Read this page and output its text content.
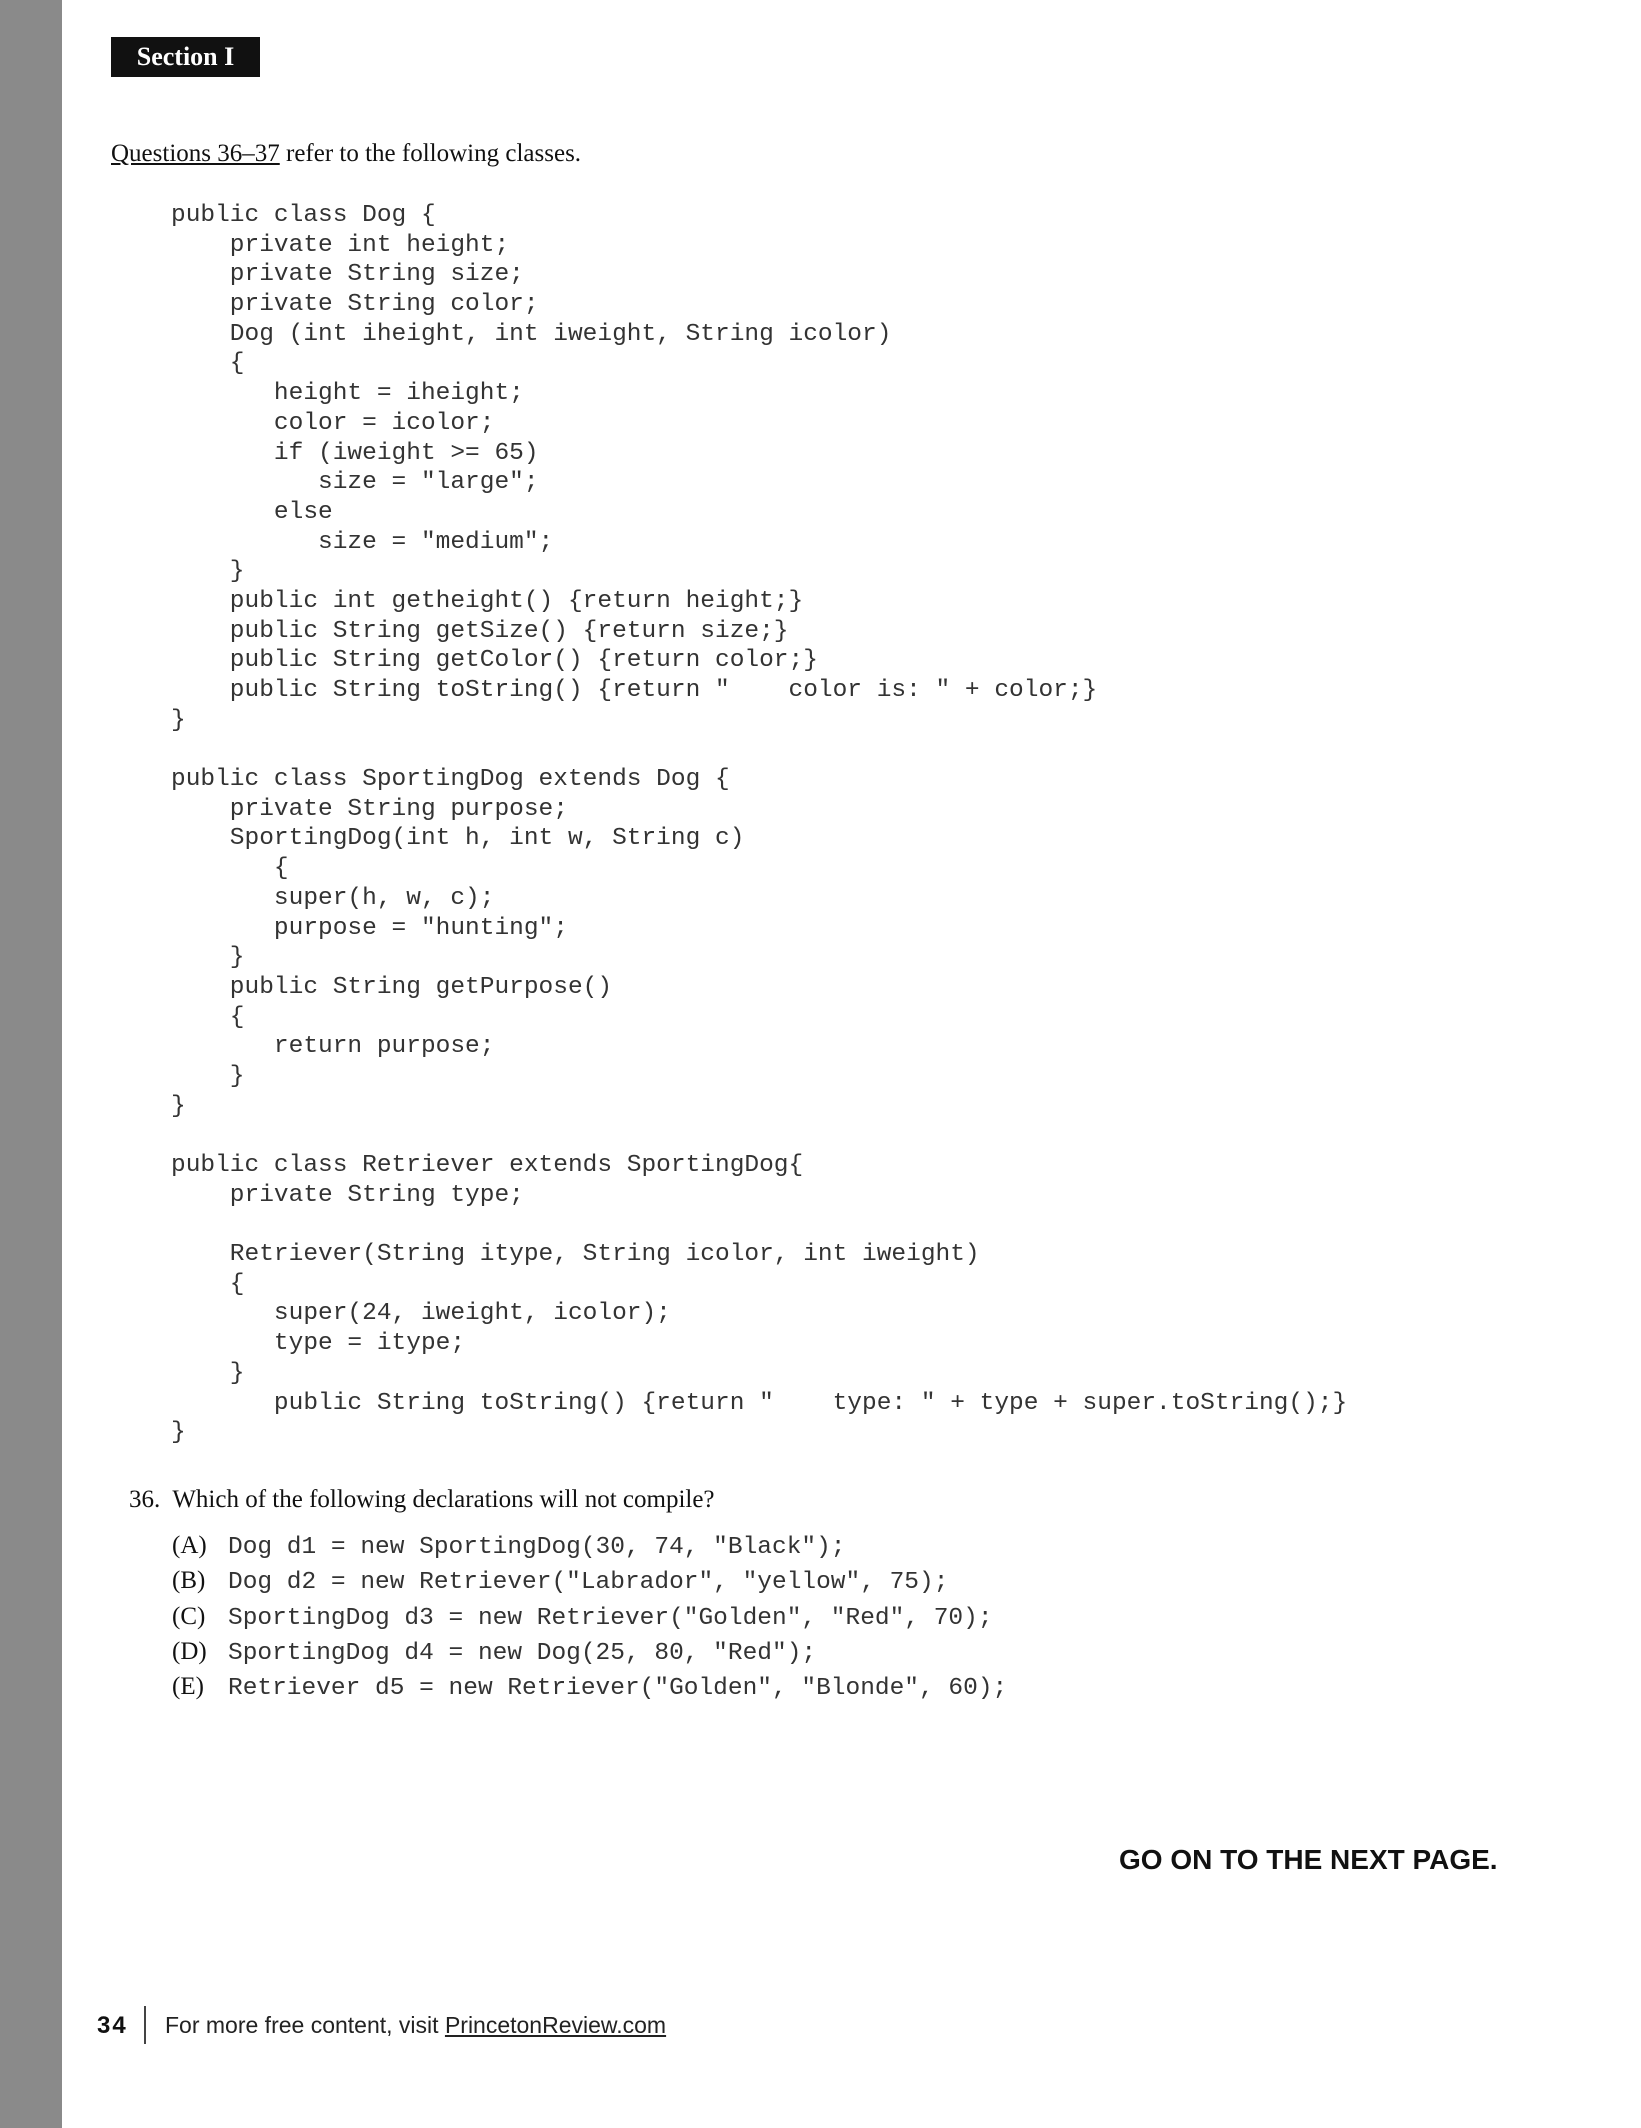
Section I
Questions 36–37 refer to the following classes.
public class Dog {
private int height;
private String size;
private String color;
Dog (int iheight, int iweight, String icolor)
{
height = iheight;
color = icolor;
if (iweight >= 65)
size = "large";
else
size = "medium";
}
public int getheight() {return height;}
public String getSize() {return size;}
public String getColor() {return color;}
public String toString() {return "    color is: " + color;}
}
public class SportingDog extends Dog {
private String purpose;
SportingDog(int h, int w, String c)
{
super(h, w, c);
purpose = "hunting";
}
public String getPurpose()
{
return purpose;
}
}
public class Retriever extends SportingDog{
private String type;
Retriever(String itype, String icolor, int iweight)
{
super(24, iweight, icolor);
type = itype;
}
public String toString() {return "    type: " + type + super.toString();}
}
36. Which of the following declarations will not compile?
(A) Dog d1 = new SportingDog(30, 74, "Black");
(B) Dog d2 = new Retriever("Labrador", "yellow", 75);
(C) SportingDog d3 = new Retriever("Golden", "Red", 70);
(D) SportingDog d4 = new Dog(25, 80, "Red");
(E) Retriever d5 = new Retriever("Golden", "Blonde", 60);
GO ON TO THE NEXT PAGE.
34 For more free content, visit PrincetonReview.com
